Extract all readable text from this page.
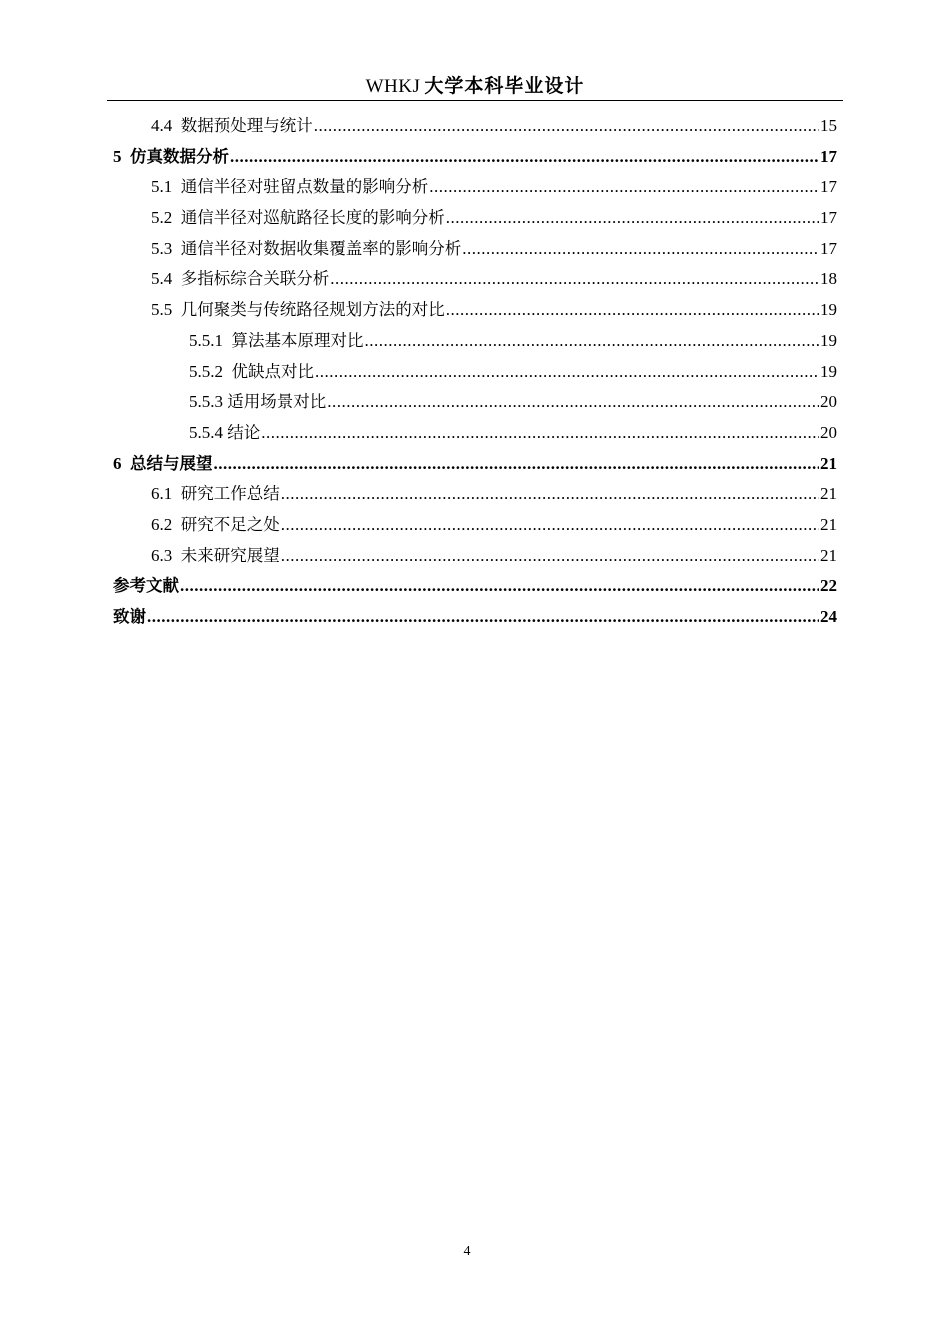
WHKJ 大学本科毕业设计
4.4 数据预处理与统计 .....	15
5 仿真数据分析 .....	17
5.1 通信半径对驻留点数量的影响分析 .....	17
5.2 通信半径对巡航路径长度的影响分析 .....	17
5.3 通信半径对数据收集覆盖率的影响分析 .....	17
5.4 多指标综合关联分析 .....	18
5.5 几何聚类与传统路径规划方法的对比 .....	19
5.5.1 算法基本原理对比 .....	19
5.5.2 优缺点对比 .....	19
5.5.3 适用场景对比 .....	20
5.5.4 结论 .....	20
6 总结与展望 .....	21
6.1 研究工作总结 .....	21
6.2 研究不足之处 .....	21
6.3 未来研究展望 .....	21
参考文献 .....	22
致谢 .....	24
4
